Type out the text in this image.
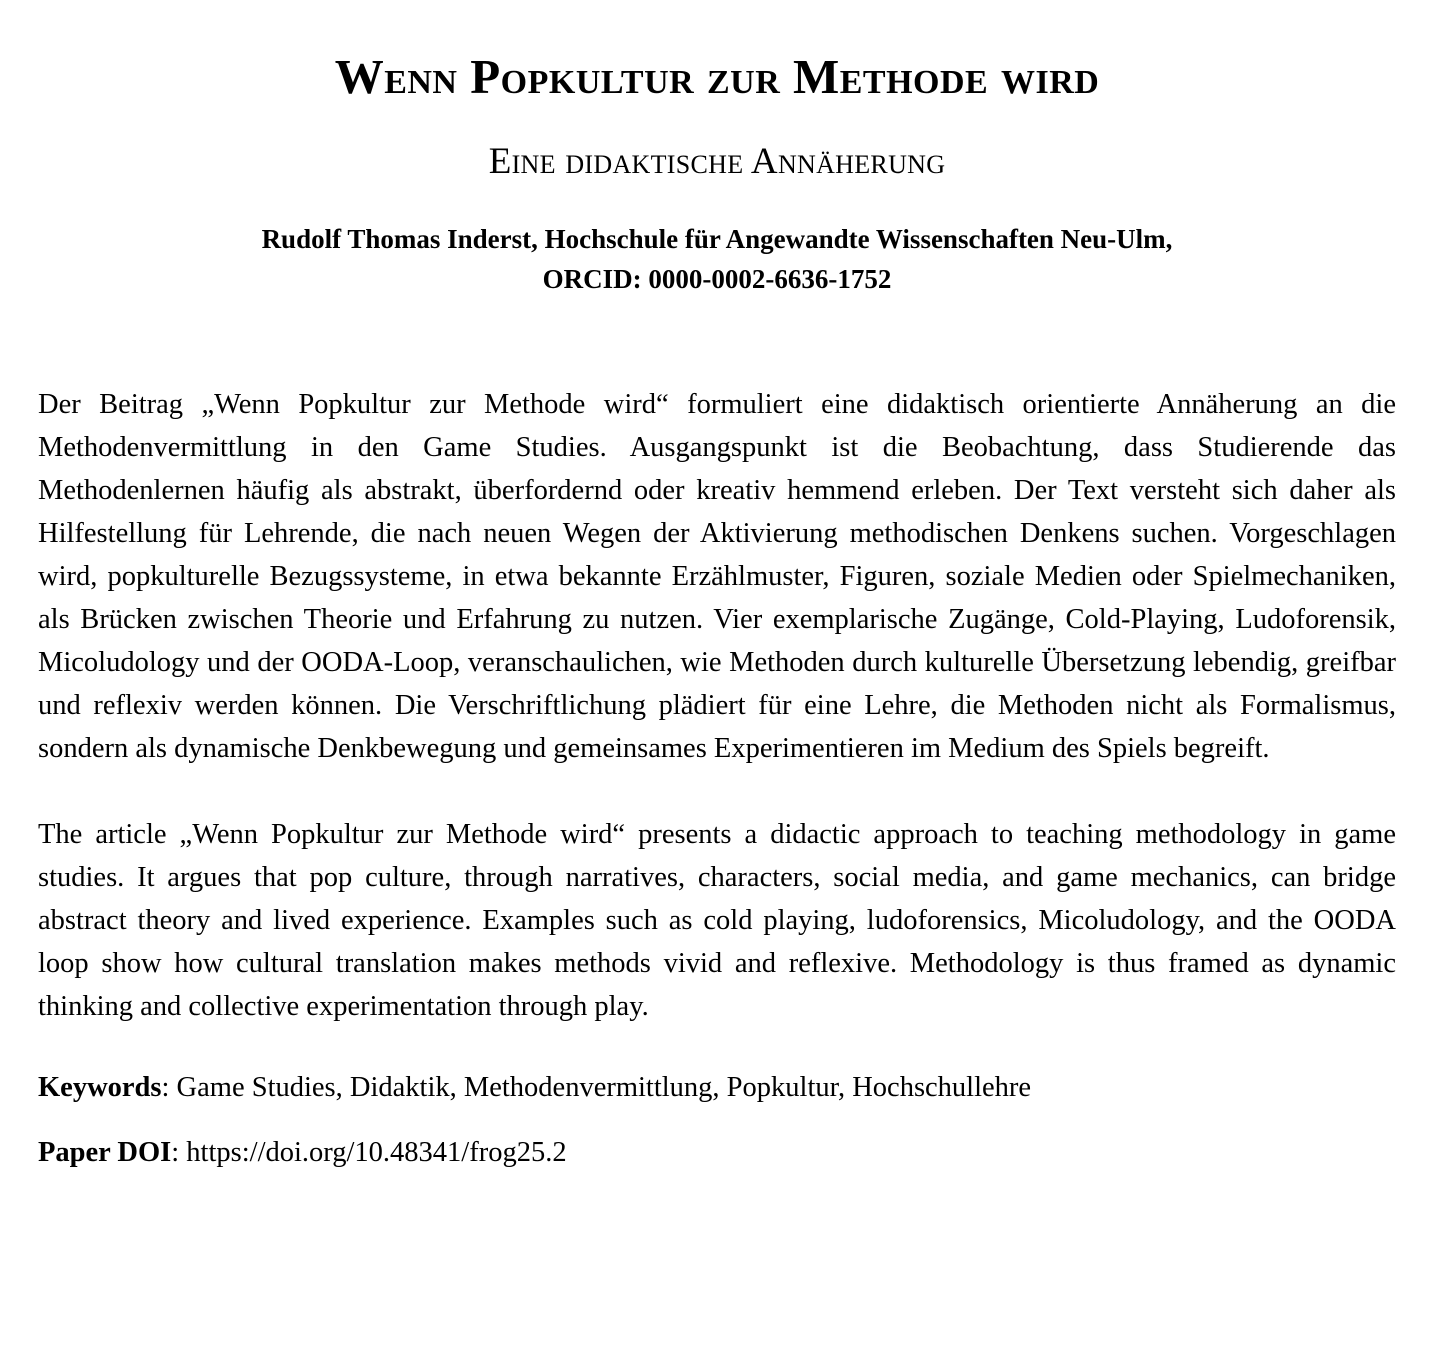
Wenn Popkultur zur Methode wird
Eine didaktische Annäherung

Rudolf Thomas Inderst, Hochschule für Angewandte Wissenschaften Neu-Ulm,
ORCID: 0000-0002-6636-1752

Der Beitrag „Wenn Popkultur zur Methode wird“ formuliert eine didaktisch orientierte Annäherung an die Methodenvermittlung in den Game Studies. Ausgangspunkt ist die Beobachtung, dass Studierende das Methodenlernen häufig als abstrakt, überfordernd oder kreativ hemmend erleben. Der Text versteht sich daher als Hilfestellung für Lehrende, die nach neuen Wegen der Aktivierung methodischen Denkens suchen. Vorgeschlagen wird, popkulturelle Bezugssysteme, in etwa bekannte Erzählmuster, Figuren, soziale Medien oder Spielmechaniken, als Brücken zwischen Theorie und Erfahrung zu nutzen. Vier exemplarische Zugänge, Cold-Playing, Ludoforensik, Micoludology und der OODA-Loop, veranschaulichen, wie Methoden durch kulturelle Übersetzung lebendig, greifbar und reflexiv werden können. Die Verschriftlichung plädiert für eine Lehre, die Methoden nicht als Formalismus, sondern als dynamische Denkbewegung und gemeinsames Experimentieren im Medium des Spiels begreift.

The article „Wenn Popkultur zur Methode wird“ presents a didactic approach to teaching methodology in game studies. It argues that pop culture, through narratives, characters, social media, and game mechanics, can bridge abstract theory and lived experience. Examples such as cold playing, ludoforensics, Micoludology, and the OODA loop show how cultural translation makes methods vivid and reflexive. Methodology is thus framed as dynamic thinking and collective experimentation through play.

Keywords: Game Studies, Didaktik, Methodenvermittlung, Popkultur, Hochschullehre

Paper DOI: https://doi.org/10.48341/frog25.2
